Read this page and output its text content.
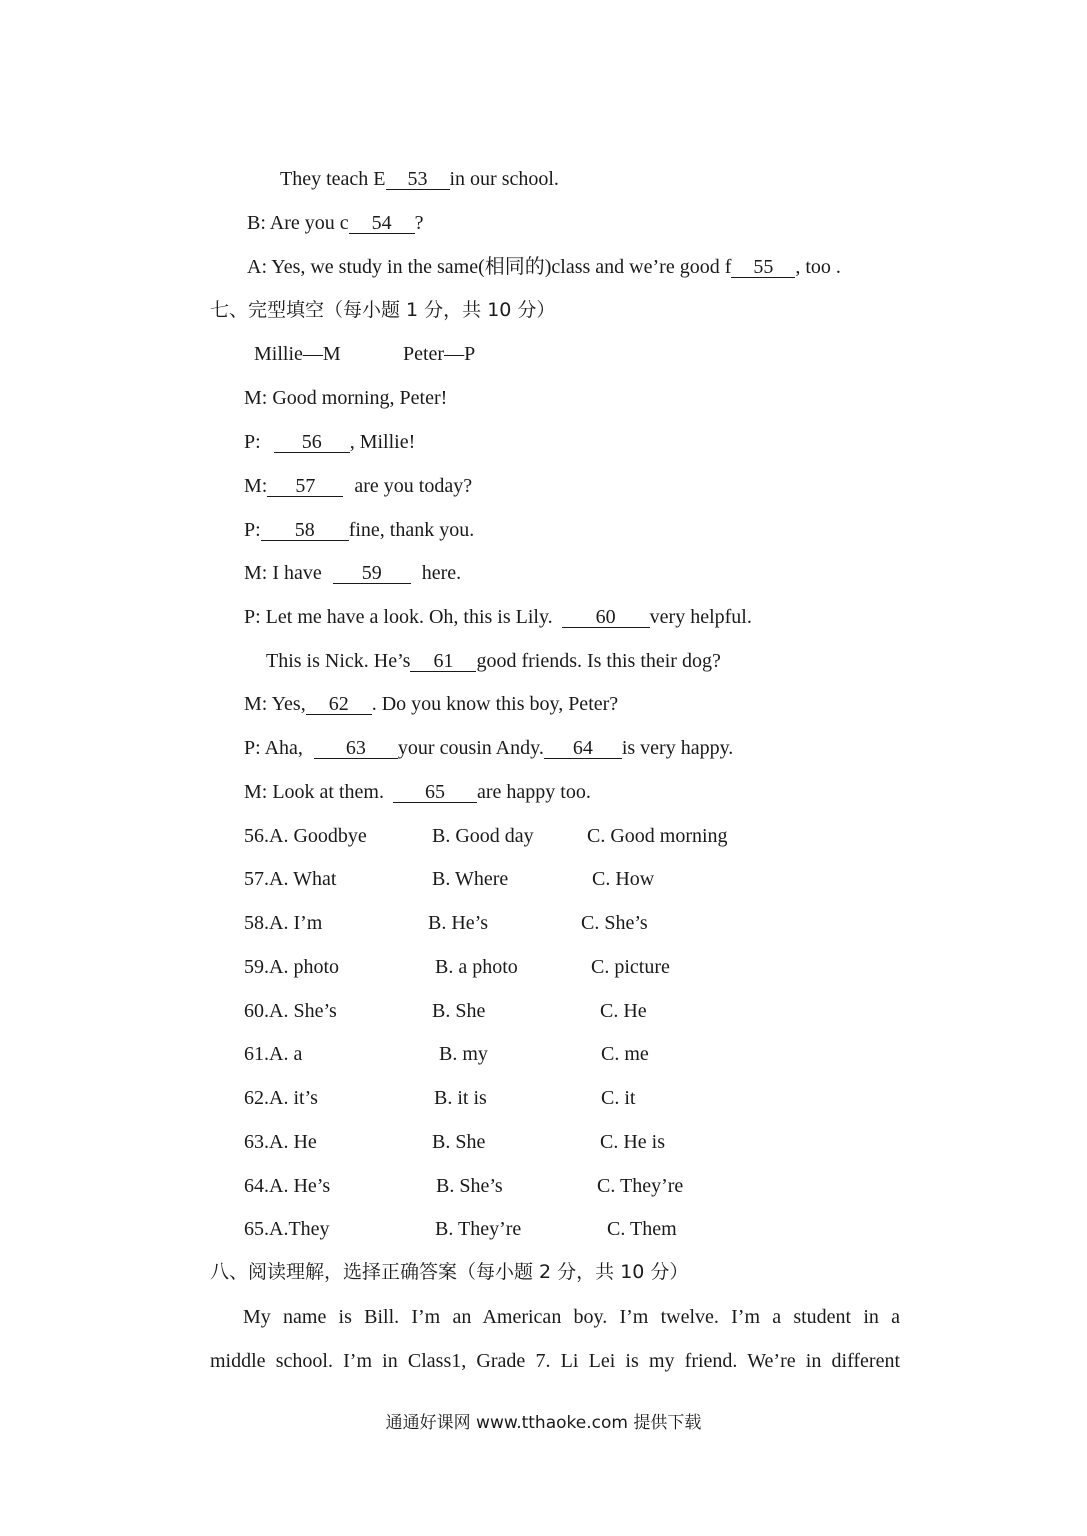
They teach E 53 in our school.
B: Are you c 54 ?
A: Yes, we study in the same(相同的)class and we’re good f 55 , too .
七、完型填空（每小题 1 分，共 10 分）
Millie—M	Peter—P
M: Good morning, Peter!
P: 56 , Millie!
M: 57 are you today?
P: 58 fine, thank you.
M: I have 59 here.
P: Let me have a look. Oh, this is Lily. 60 very helpful.
This is Nick. He’s 61 good friends. Is this their dog?
M: Yes, 62 . Do you know this boy, Peter?
P: Aha, 63 your cousin Andy. 64 is very happy.
M: Look at them. 65 are happy too.
56.A. Goodbye	B. Good day	C. Good morning
57.A. What	B. Where	C. How
58.A. I’m	B. He’s	C. She’s
59.A. photo	B. a photo	C. picture
60.A. She’s	B. She	C. He
61.A. a	B. my	C. me
62.A. it’s	B. it is	C. it
63.A. He	B. She	C. He is
64.A. He’s	B. She’s	C. They’re
65.A.They	B. They’re	C. Them
八、阅读理解，选择正确答案（每小题 2 分，共 10 分）
My name is Bill. I’m an American boy. I’m twelve. I’m a student in a
middle school. I’m in Class1, Grade 7. Li Lei is my friend. We’re in different
通通好课网 www.tthaoke.com 提供下载
